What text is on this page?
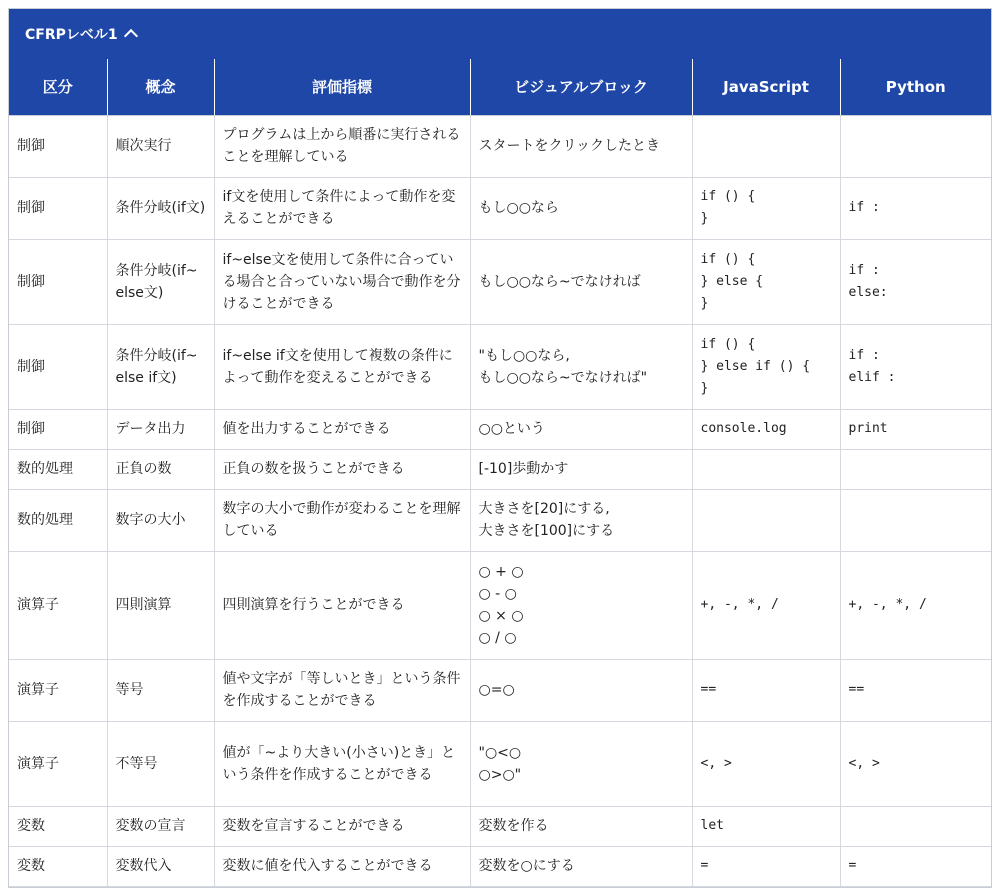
CFRPレベル1
区分	概念	評価指標	ビジュアルブロック	JavaScript	Python
制御	順次実行	プログラムは上から順番に実行されることを理解している	スタートをクリックしたとき		
制御	条件分岐(if文)	if文を使用して条件によって動作を変えることができる	もし○○なら	if () {
}	if :
制御	条件分岐(if~else文)	if~else文を使用して条件に合っている場合と合っていない場合で動作を分けることができる	もし○○なら~でなければ	if () {
} else {
}	if :
else:
制御	条件分岐(if~else if文)	if~else if文を使用して複数の条件によって動作を変えることができる	"もし○○なら,
もし○○なら~でなければ"	if () {
} else if () {
}	if :
elif :
制御	データ出力	値を出力することができる	○○という	console.log	print
数的処理	正負の数	正負の数を扱うことができる	[-10]歩動かす		
数的処理	数字の大小	数字の大小で動作が変わることを理解している	大きさを[20]にする,
大きさを[100]にする		
演算子	四則演算	四則演算を行うことができる	○ + ○
○ - ○
○ × ○
○ / ○	+, -, *, /	+, -, *, /
演算子	等号	値や文字が「等しいとき」という条件を作成することができる	○=○	==	==
演算子	不等号	値が「~より大きい(小さい)とき」という条件を作成することができる	"○<○
○>○"	<, >	<, >
変数	変数の宣言	変数を宣言することができる	変数を作る	let	
変数	変数代入	変数に値を代入することができる	変数を○にする	=	=
